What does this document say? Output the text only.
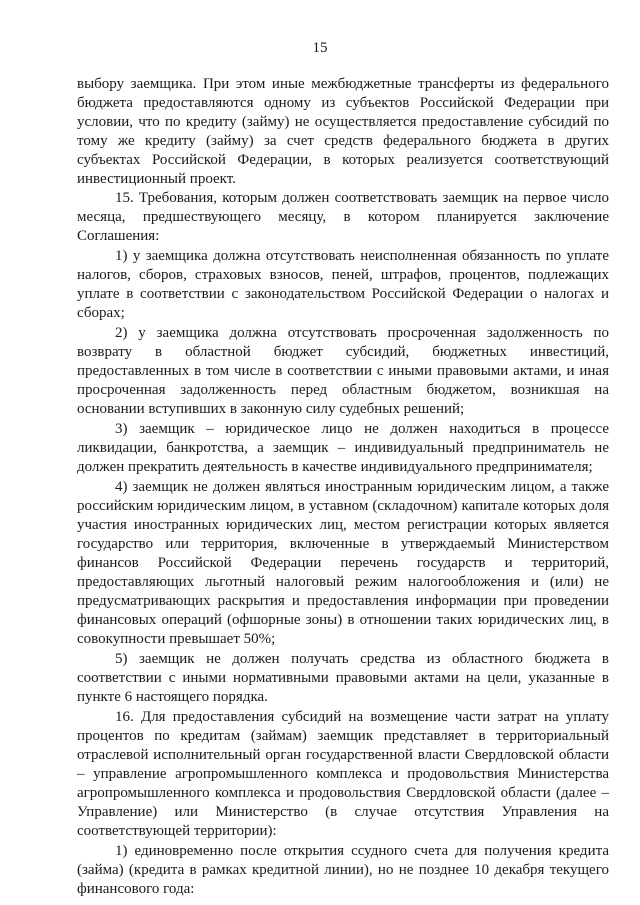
15

выбору заемщика. При этом иные межбюджетные трансферты из федерального бюджета предоставляются одному из субъектов Российской Федерации при условии, что по кредиту (займу) не осуществляется предоставление субсидий по тому же кредиту (займу) за счет средств федерального бюджета в других субъектах Российской Федерации, в которых реализуется соответствующий инвестиционный проект.

15. Требования, которым должен соответствовать заемщик на первое число месяца, предшествующего месяцу, в котором планируется заключение Соглашения:

1) у заемщика должна отсутствовать неисполненная обязанность по уплате налогов, сборов, страховых взносов, пеней, штрафов, процентов, подлежащих уплате в соответствии с законодательством Российской Федерации о налогах и сборах;

2) у заемщика должна отсутствовать просроченная задолженность по возврату в областной бюджет субсидий, бюджетных инвестиций, предоставленных в том числе в соответствии с иными правовыми актами, и иная просроченная задолженность перед областным бюджетом, возникшая на основании вступивших в законную силу судебных решений;

3) заемщик – юридическое лицо не должен находиться в процессе ликвидации, банкротства, а заемщик – индивидуальный предприниматель не должен прекратить деятельность в качестве индивидуального предпринимателя;

4) заемщик не должен являться иностранным юридическим лицом, а также российским юридическим лицом, в уставном (складочном) капитале которых доля участия иностранных юридических лиц, местом регистрации которых является государство или территория, включенные в утверждаемый Министерством финансов Российской Федерации перечень государств и территорий, предоставляющих льготный налоговый режим налогообложения и (или) не предусматривающих раскрытия и предоставления информации при проведении финансовых операций (офшорные зоны) в отношении таких юридических лиц, в совокупности превышает 50%;

5) заемщик не должен получать средства из областного бюджета в соответствии с иными нормативными правовыми актами на цели, указанные в пункте 6 настоящего порядка.

16. Для предоставления субсидий на возмещение части затрат на уплату процентов по кредитам (займам) заемщик представляет в территориальный отраслевой исполнительный орган государственной власти Свердловской области – управление агропромышленного комплекса и продовольствия Министерства агропромышленного комплекса и продовольствия Свердловской области (далее – Управление) или Министерство (в случае отсутствия Управления на соответствующей территории):

1) единовременно после открытия ссудного счета для получения кредита (займа) (кредита в рамках кредитной линии), но не позднее 10 декабря текущего финансового года:
